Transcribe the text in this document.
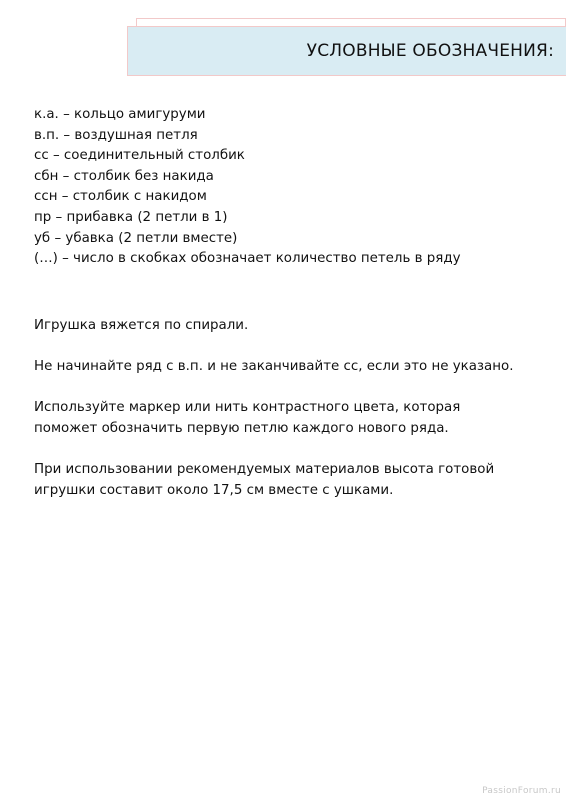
УСЛОВНЫЕ ОБОЗНАЧЕНИЯ:
к.а. – кольцо амигуруми
в.п. – воздушная петля
сс – соединительный столбик
сбн – столбик без накида
ссн – столбик с накидом
пр – прибавка (2 петли в 1)
уб – убавка (2 петли вместе)
(…) – число в скобках обозначает количество петель в ряду

Игрушка вяжется по спирали.

Не начинайте ряд с в.п. и не заканчивайте сс, если это не указано.

Используйте маркер или нить контрастного цвета, которая
поможет обозначить первую петлю каждого нового ряда.

При использовании рекомендуемых материалов высота готовой
игрушки составит около 17,5 см вместе с ушками.

PassionForum.ru
